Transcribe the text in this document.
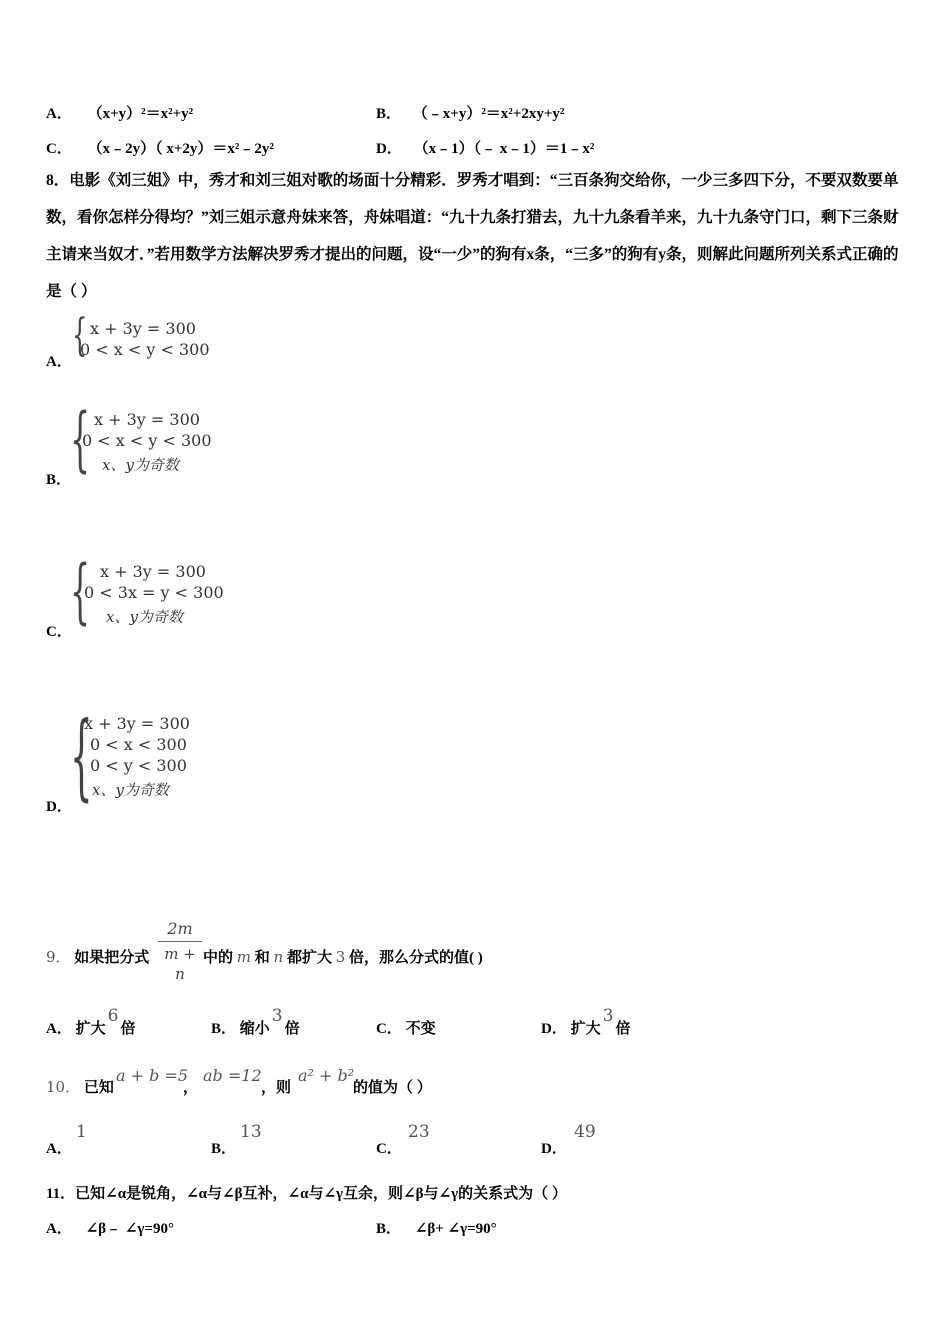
A． （x+y）²＝x²+y²	B． （﹣x+y）²＝x²+2xy+y²
C． （x﹣2y）（ x+2y）＝x²﹣2y²	D． （x﹣1）（﹣ x﹣1）＝1﹣x²
8．电影《刘三姐》中，秀才和刘三姐对歌的场面十分精彩．罗秀才唱到：“三百条狗交给你，一少三多四下分，不要双数要单数，看你怎样分得均？”刘三姐示意舟妹来答，舟妹唱道：“九十九条打猎去，九十九条看羊来，九十九条守门口，剩下三条财主请来当奴才．”若用数学方法解决罗秀才提出的问题，设“一少”的狗有x条，“三多”的狗有y条，则解此问题所列关系式正确的是（ ）
A．
{ x + 3y = 300
0 < x < y < 300
B．
{ x + 3y = 300
0 < x < y < 300
x、y为奇数
C．
{ x + 3y = 300
0 < 3x = y < 300
x、y为奇数
D．
{
x + 3y = 300
0 < x < 300
0 < y < 300
x、y为奇数
9． 如果把分式
2m
m + n
中的 m 和 n 都扩大 3 倍，那么分式的值( )
A． 扩大6倍	B． 缩小3倍	C． 不变	D． 扩大3倍
10． 已知
a + b =5
，
ab =12
，则
a² + b²
的值为（ ）
A．
1
B．
13
C．
23
D．
49
11．已知∠α是锐角，∠α与∠β互补，∠α与∠γ互余，则∠β与∠γ的关系式为（ ）
A． ∠β﹣ ∠γ=90°	B． ∠β+ ∠γ=90°
